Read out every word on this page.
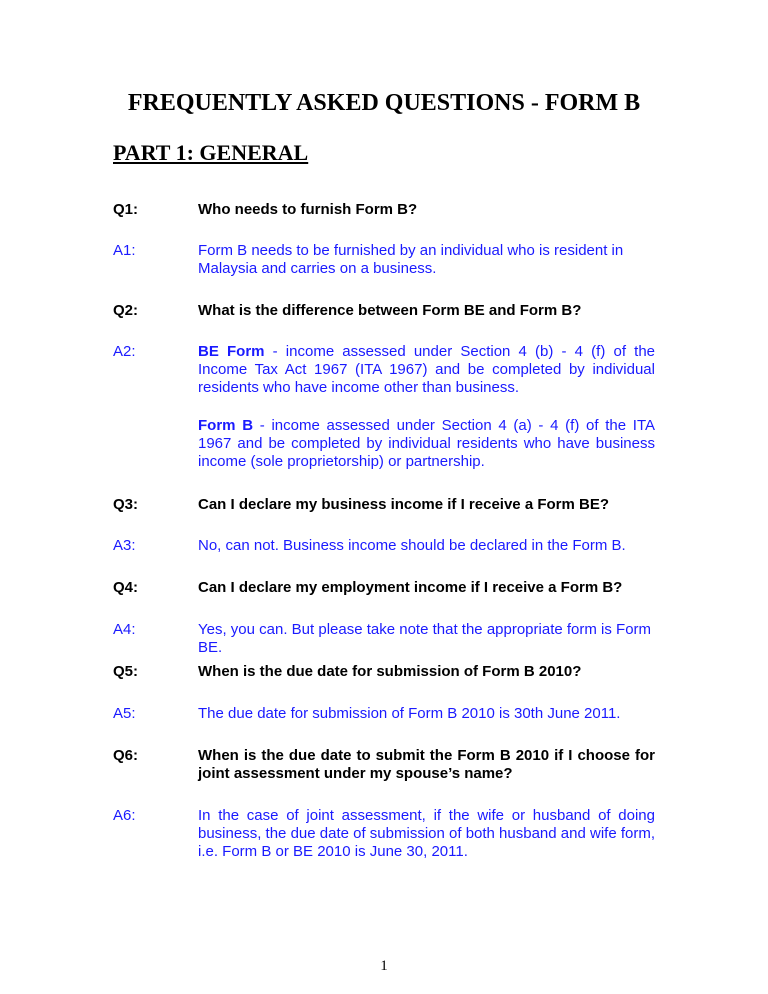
FREQUENTLY ASKED QUESTIONS - FORM B
PART 1: GENERAL
Q1:	Who needs to furnish Form B?
A1:	Form B needs to be furnished by an individual who is resident in Malaysia and carries on a business.
Q2:	What is the difference between Form BE and Form B?
A2:	BE Form - income assessed under Section 4 (b) - 4 (f) of the Income Tax Act 1967 (ITA 1967) and be completed by individual residents who have income other than business.
Form B - income assessed under Section 4 (a) - 4 (f) of the ITA 1967 and be completed by individual residents who have business income (sole proprietorship) or partnership.
Q3:	Can I declare my business income if I receive a Form BE?
A3:	No, can not. Business income should be declared in the Form B.
Q4:	Can I declare my employment income if I receive a Form B?
A4:	Yes, you can. But please take note that the appropriate form is Form BE.
Q5:	When is the due date for submission of Form B 2010?
A5:	The due date for submission of Form B 2010 is 30th June 2011.
Q6:	When is the due date to submit the Form B 2010 if I choose for joint assessment under my spouse’s name?
A6:	In the case of joint assessment, if the wife or husband of doing business, the due date of submission of both husband and wife form, i.e. Form B or BE 2010 is June 30, 2011.
1
